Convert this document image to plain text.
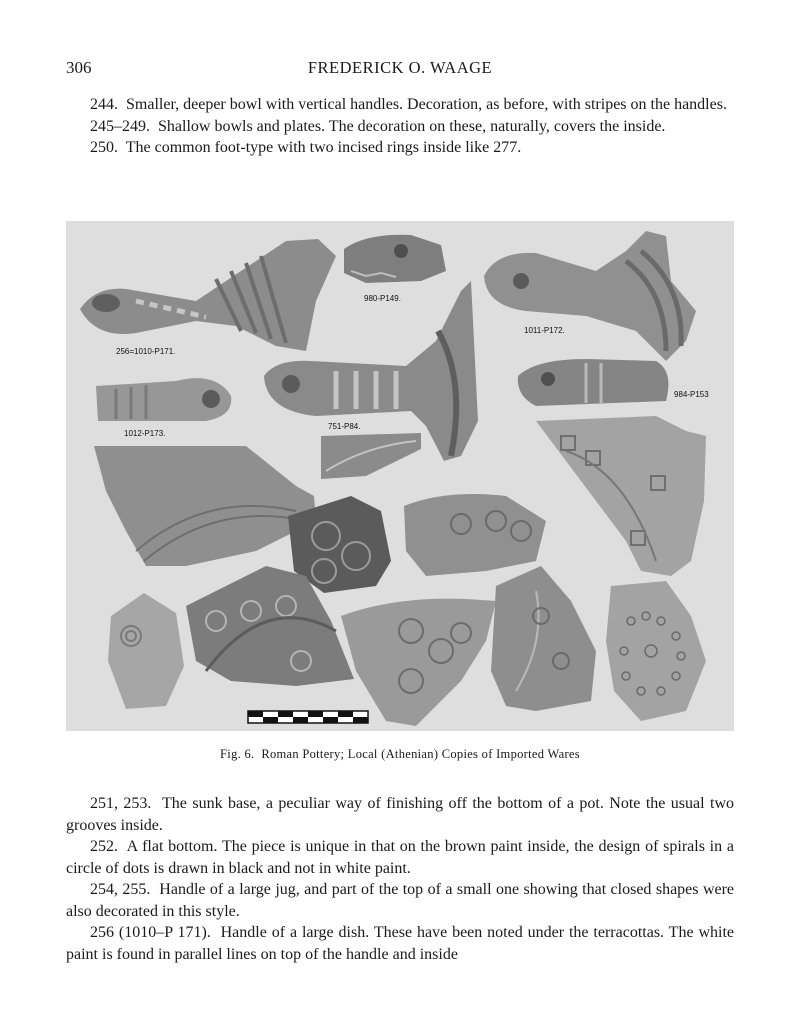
306	FREDERICK O. WAAGE

244. Smaller, deeper bowl with vertical handles. Decoration, as before, with stripes on the handles.

245–249. Shallow bowls and plates. The decoration on these, naturally, covers the inside.

250. The common foot-type with two incised rings inside like 277.

980-P149.
256=1010-P171.
1011-P172.
751-P84.
984-P153
1012-P173.
Fig. 6. Roman Pottery; Local (Athenian) Copies of Imported Wares

251, 253. The sunk base, a peculiar way of finishing off the bottom of a pot. Note the usual two grooves inside.

252. A flat bottom. The piece is unique in that on the brown paint inside, the design of spirals in a circle of dots is drawn in black and not in white paint.

254, 255. Handle of a large jug, and part of the top of a small one showing that closed shapes were also decorated in this style.

256 (1010–P 171). Handle of a large dish. These have been noted under the terracottas. The white paint is found in parallel lines on top of the handle and inside
